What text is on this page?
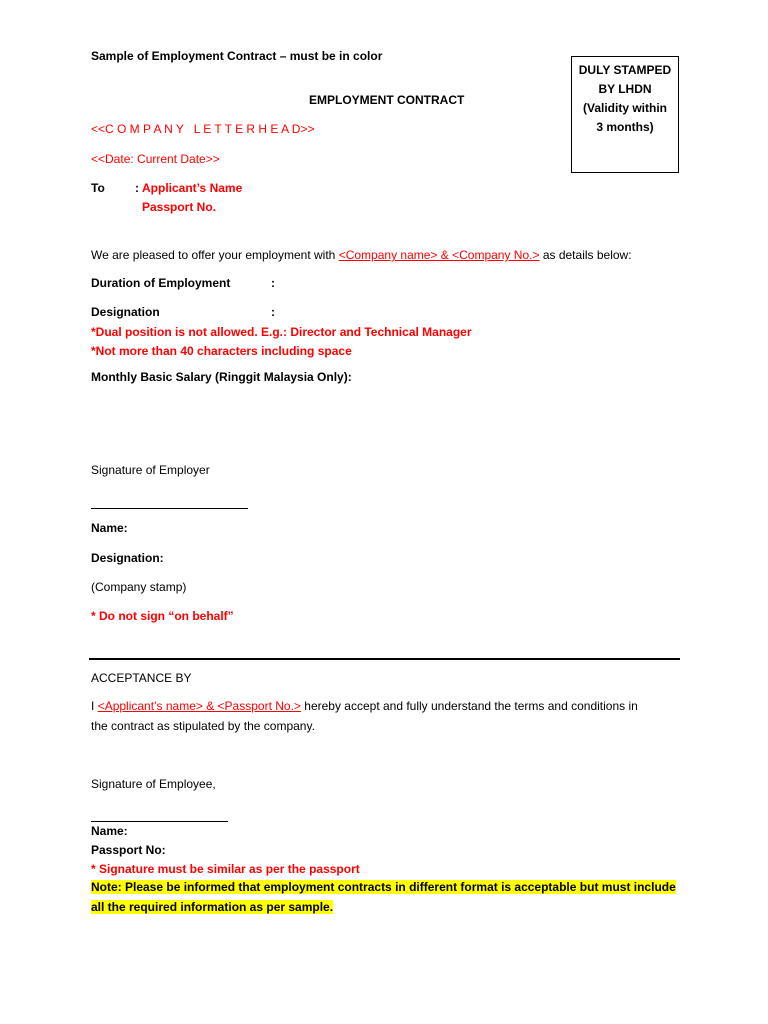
Sample of Employment Contract – must be in color
DULY STAMPED
BY LHDN
(Validity within
3 months)
EMPLOYMENT CONTRACT
<<C O M P A N Y   L E T T E R H E A D>>
<<Date: Current Date>>
To	: Applicant’s Name
Passport No.
We are pleased to offer your employment with <Company name> & <Company No.> as details below:
Duration of Employment	:
Designation	:
*Dual position is not allowed. E.g.: Director and Technical Manager
*Not more than 40 characters including space
Monthly Basic Salary (Ringgit Malaysia Only):
Signature of Employer
Name:
Designation:
(Company stamp)
* Do not sign “on behalf”
ACCEPTANCE BY
I <Applicant’s name> & <Passport No.> hereby accept and fully understand the terms and conditions in
the contract as stipulated by the company.
Signature of Employee,
Name:
Passport No:
* Signature must be similar as per the passport
Note: Please be informed that employment contracts in different format is acceptable but must include
all the required information as per sample.
